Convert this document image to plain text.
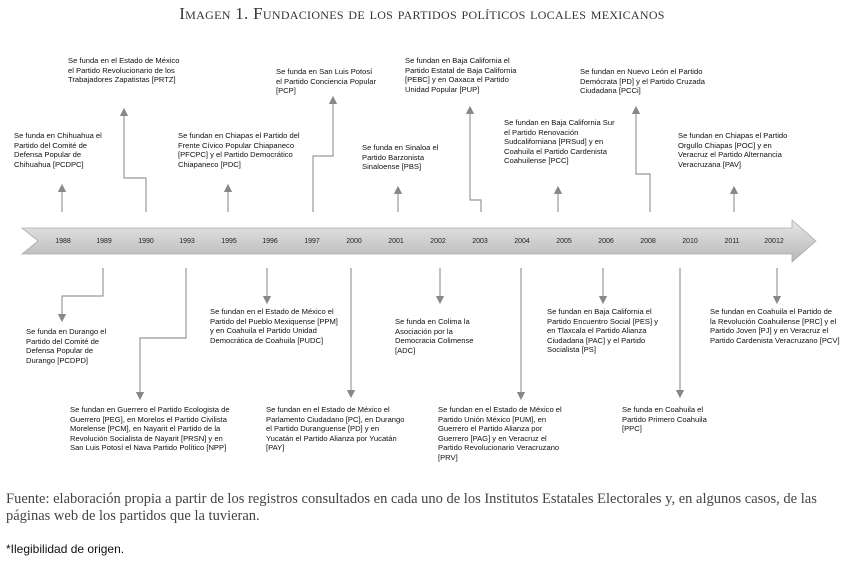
Imagen 1. Fundaciones de los partidos políticos locales mexicanos
1988	1989	1990	1993	1995	1996	1997	2000	2001	2002	2003	2004	2005	2006	2008	2010	2011	20012
Se funda en Chihuahua el Partido del Comité de Defensa Popular de Chihuahua [PCDPC]
Se funda en el Estado de México el Partido Revolucionario de los Trabajadores Zapatistas [PRTZ]
Se fundan en Chiapas el Partido del Frente Cívico Popular Chiapaneco [PFCPC] y el Partido Democrático Chiapaneco [PDC]
Se funda en San Luis Potosí el Partido Conciencia Popular [PCP]
Se funda en Sinaloa el Partido Barzonista Sinaloense [PBS]
Se fundan en Baja California el Partido Estatal de Baja California [PEBC] y en Oaxaca el Partido Unidad Popular [PUP]
Se fundan en Baja California Sur el Partido Renovación Sudcaliforniana [PRSud] y en Coahuila el Partido Cardenista Coahuilense [PCC]
Se fundan en Nuevo León el Partido Demócrata [PD] y el Partido Cruzada Ciudadana [PCCi]
Se fundan en Chiapas el Partido Orgullo Chiapas [POC] y en Veracruz el Partido Alternancia Veracruzana [PAV]
Se funda en Durango el Partido del Comité de Defensa Popular de Durango [PCDPD]
Se fundan en Guerrero el Partido Ecologista de Guerrero [PEG], en Morelos el Partido Civilista Morelense [PCM], en Nayarit el Partido de la Revolución Socialista de Nayarit [PRSN] y en San Luis Potosí el Nava Partido Político [NPP]
Se fundan en el Estado de México el Partido del Pueblo Mexiquense [PPM] y en Coahuila el Partido Unidad Democrática de Coahuila [PUDC]
Se fundan en el Estado de México el Parlamento Ciudadano [PC], en Durango el Partido Duranguense [PD] y en Yucatán el Partido Alianza por Yucatán [PAY]
Se funda en Colima la Asociación por la Democracia Colimense [ADC]
Se fundan en el Estado de México el Partido Unión México [PUM], en Guerrero el Partido Alianza por Guerrero [PAG] y en Veracruz el Partido Revolucionario Veracruzano [PRV]
Se fundan en Baja California el Partido Encuentro Social [PES] y en Tlaxcala el Partido Alianza Ciudadana [PAC] y el Partido Socialista [PS]
Se funda en Coahuila el Partido Primero Coahuila [PPC]
Se fundan en Coahuila el Partido de la Revolución Coahuilense [PRC] y el Partido Joven [PJ] y en Veracruz el Partido Cardenista Veracruzano [PCV]
Fuente: elaboración propia a partir de los registros consultados en cada uno de los Institutos Estatales Electorales y, en algunos casos, de las páginas web de los partidos que la tuvieran.
*Ilegibilidad de origen.
